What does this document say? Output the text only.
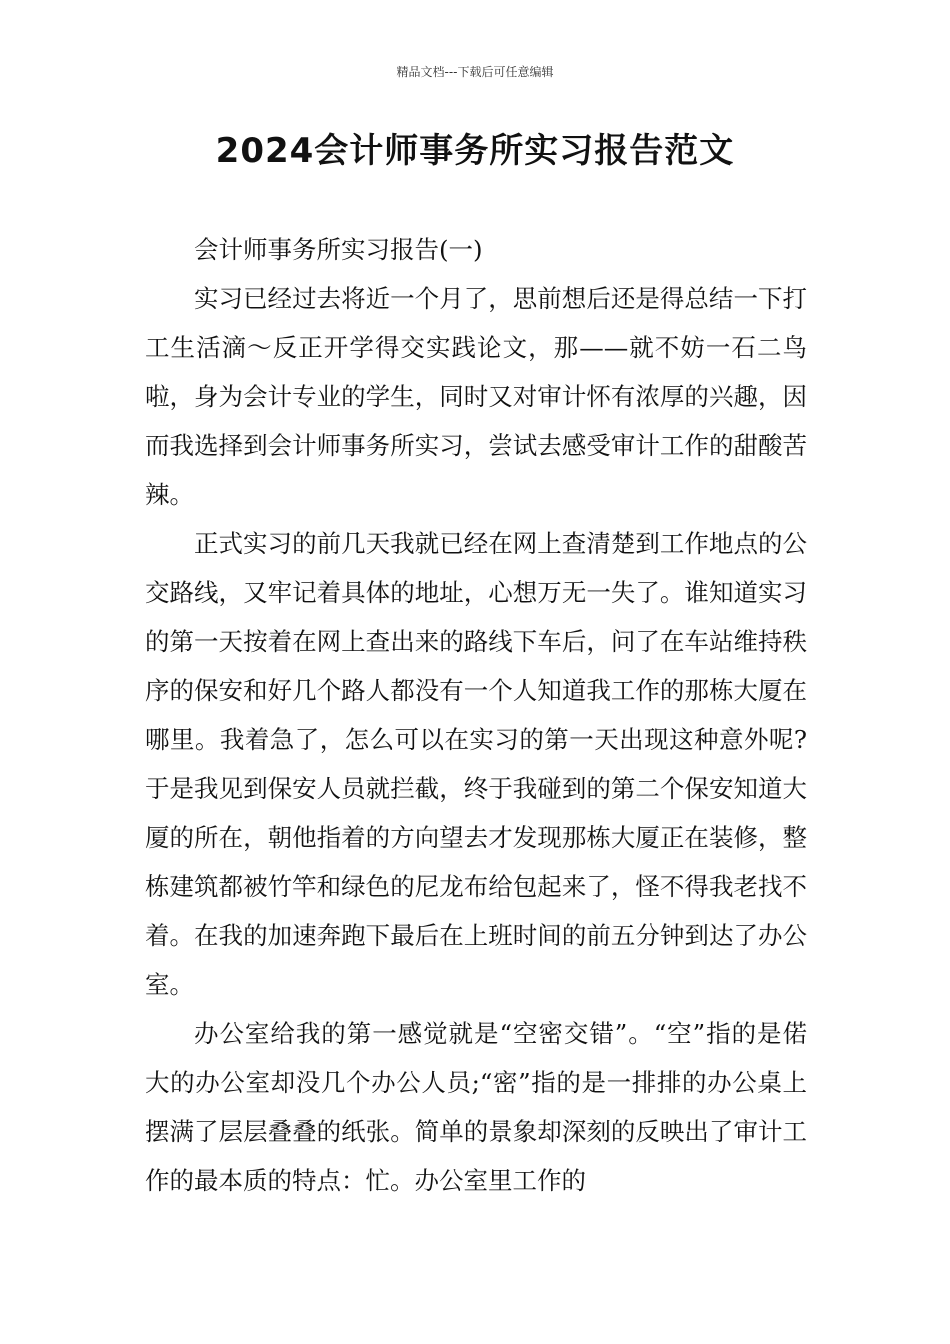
精品文档---下载后可任意编辑
2024会计师事务所实习报告范文

会计师事务所实习报告(一)

实习已经过去将近一个月了，思前想后还是得总结一下打工生活滴～反正开学得交实践论文，那——就不妨一石二鸟啦，身为会计专业的学生，同时又对审计怀有浓厚的兴趣，因而我选择到会计师事务所实习，尝试去感受审计工作的甜酸苦辣。

正式实习的前几天我就已经在网上查清楚到工作地点的公交路线，又牢记着具体的地址，心想万无一失了。谁知道实习的第一天按着在网上查出来的路线下车后，问了在车站维持秩序的保安和好几个路人都没有一个人知道我工作的那栋大厦在哪里。我着急了，怎么可以在实习的第一天出现这种意外呢?于是我见到保安人员就拦截，终于我碰到的第二个保安知道大厦的所在，朝他指着的方向望去才发现那栋大厦正在装修，整栋建筑都被竹竿和绿色的尼龙布给包起来了，怪不得我老找不着。在我的加速奔跑下最后在上班时间的前五分钟到达了办公室。

办公室给我的第一感觉就是“空密交错”。“空”指的是偌大的办公室却没几个办公人员;“密”指的是一排排的办公桌上摆满了层层叠叠的纸张。简单的景象却深刻的反映出了审计工作的最本质的特点：忙。办公室里工作的
